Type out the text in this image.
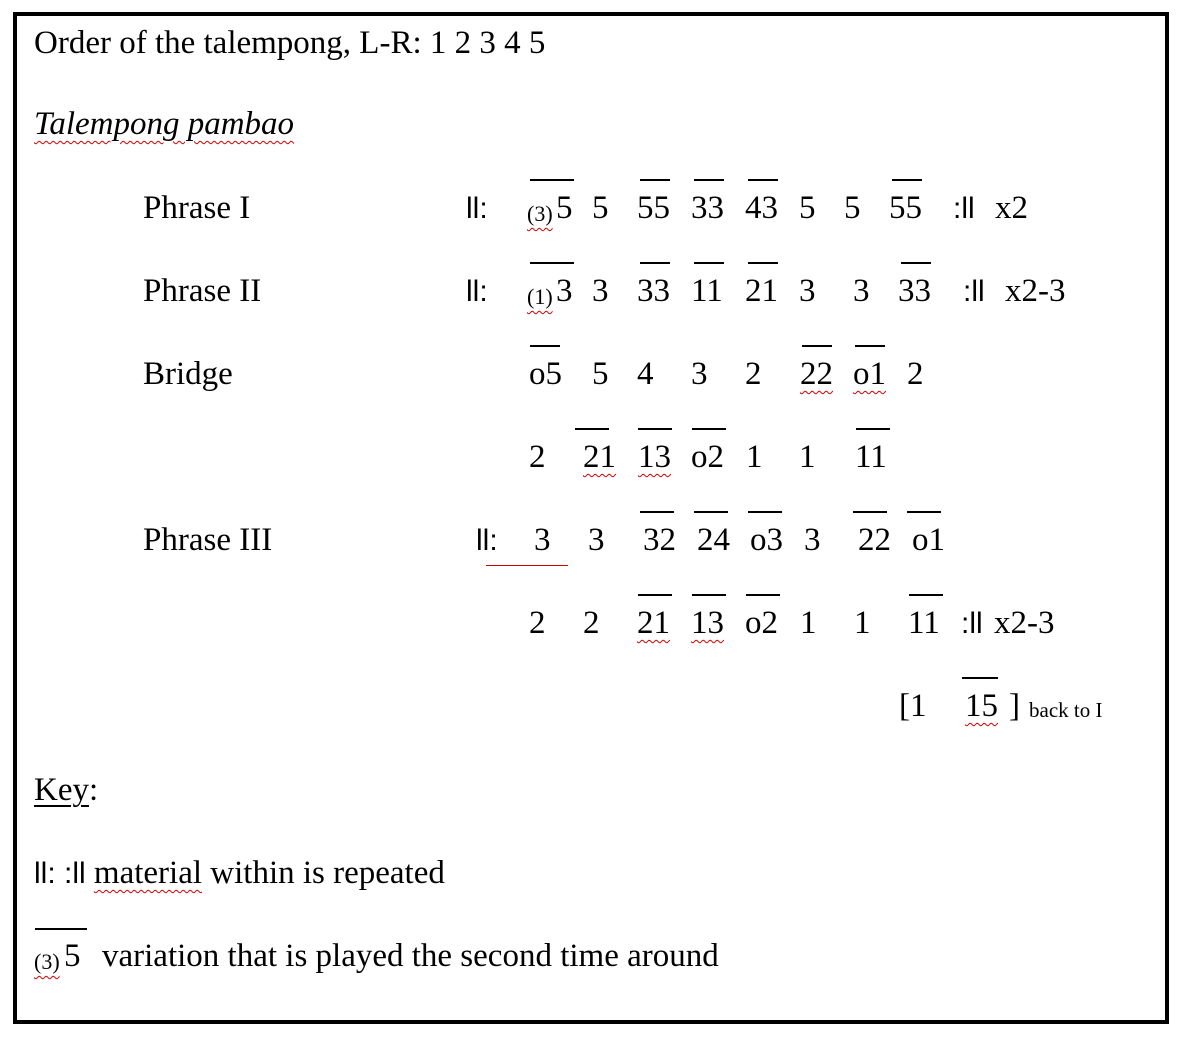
Order of the talempong, L-R: 1 2 3 4 5
Talempong pambao
Phrase I	ll: (3) 5 5 55 33 43 5 5 55 :ll x2
Phrase II	ll: (1) 3 3 33 11 21 3 3 33 :ll x2-3
Bridge	o5 5 4 3 2 22 o1 2
2 21 13 o2 1 1 11
Phrase III	ll: 3 3 32 24 o3 3 22 o1
2 2 21 13 o2 1 1 11 :ll x2-3
[1 15 ] back to I
Key:
ll: :ll material within is repeated
(3) 5 variation that is played the second time around
